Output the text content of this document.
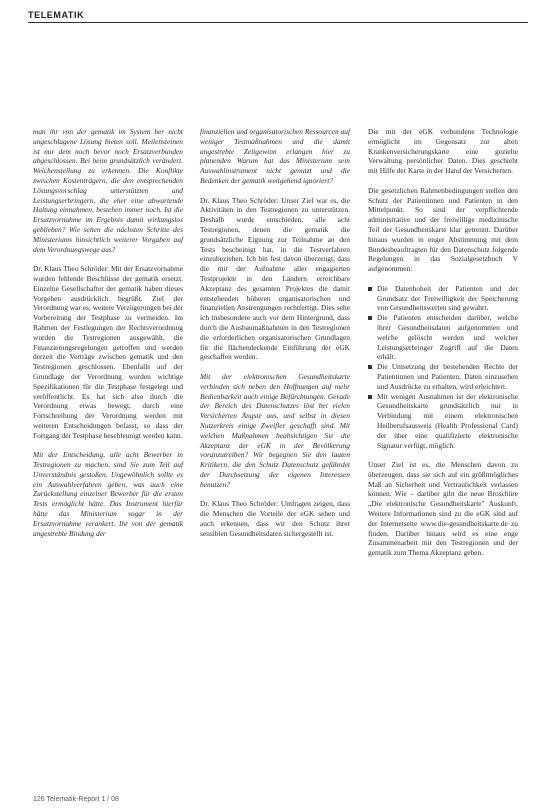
TELEMATIK

man ihr von der gematik im System her nicht ungeschlagene Lösung bieten soll. Meilensteinen ist nur dem noch bevor noch Ersatzverbunden abgeschlossen. Bei beim grundsätzlich verändert. Weichenstellung zu erkennen. Die Konflikte zwischen Kostenträgern, die den entsprechenden Lösungsvorschlag unterstützten und Leistungserbringern, die eher eine abwartende Haltung einnahmen, bestehen immer noch. Ist die Ersatzvornahme im Ergebnis damit wirkungslos geblieben? Wie sehen die nächsten Schritte des Ministeriums hinsichtlich weiterer Vorgaben auf dem Verordnungswege aus?

Dr. Klaus Theo Schröder: Mit der Ersatzvornahme wurden fehlende Beschlüsse der gematik ersetzt. Einzelne Gesellschafter der gematik haben dieses Vorgehen ausdrücklich begrüßt. Ziel der Verordnung war es, weitere Verzögerungen bei der Vorbereitung der Testphase zu vermeiden. Im Rahmen der Festlegungen der Rechtsverordnung wurden die Testregionen ausgewählt, die Finanzierungsregelungen getroffen und werden derzeit die Verträge zwischen gematik und den Testregionen geschlossen. Ebenfalls auf der Grundlage der Verordnung wurden wichtige Spezifikationen für die Testphase festgelegt und veröffentlicht. Es hat sich also durch die Verordnung etwas bewegt, durch eine Fortschreibung der Verordnung werden mit weiteren Entscheidungen befasst, so dass der Fortgang der Testphase beschleunigt werden kann.

Mit der Entscheidung, alle acht Bewerber in Testregionen zu machen, sind Sie zum Teil auf Unverständnis gestoßen. Ungewöhnlich sollte es ein Auswahlverfahren geben, was auch eine Zurückstellung einzelner Bewerber für die ersten Tests ermöglicht hätte. Das Instrument hierfür hätte das Ministerium sogar in der Ersatzvornahme verankert. Ihr von der gematik angestrebte Bindung der

finanziellen und organisatorischen Ressourcen auf weniger Testmaßnahmen und die damit angestrebte Zeitgewinn erlangen hier zu planenden Warum hat das Ministerium sein Auswahlinstrument nicht genutzt und die Bedenken der gematik weitgehend ignoriert?

Dr. Klaus Theo Schröder: Unser Ziel war es, die Aktivitäten in den Testregionen zu unterstützen. Deshalb wurde entschieden, alle acht Testregionen, denen die gematik die grundsätzliche Eignung zur Teilnahme an den Tests bescheinigt hat, in die Testverfahren einzubeziehen. Ich bin fest davon überzeugt, dass die mit der Aufnahme aller engagierten Testprojekte in den Ländern erreichbare Akzeptanz des gesamten Projektes die damit entstehenden höheren organisatorischen und finanziellen Anstrengungen rechtfertigt. Dies sehe ich insbesondere auch vor dem Hintergrund, dass durch die Ausbaumaßnahmen in den Testregionen die erforderlichen organisatorischen Grundlagen für die flächendeckende Einführung der eGK geschaffen werden.

Mit der elektronischen Gesundheitskarte verbinden sich neben den Hoffnungen auf mehr Bedienbarkeit auch einige Befürchtungen. Gerade der Bereich des Datenschutzes löst bei vielen Versicherten Ängste aus, und selbst in diesen Nutzerkreis einige Zweifler geschafft sind. Mit welchen Maßnahmen beabsichtigen Sie die Akzeptanz der eGK in der Bevölkerung voranzutreiben? Wir begegnen Sie den lauten Kritikern, die den Schutz Datenschutz gefährdet der Durchsetzung der eigenen Interessen benutzen?

Dr. Klaus Theo Schröder: Umfragen zeigen, dass die Menschen die Vorteile der eGK sehen und auch erkennen, dass wir den Schutz ihrer sensiblen Gesundheitsdaten sichergestellt ist.

Die mit der eGK verbundene Technologie ermöglicht im Gegensatz zur alten Krankenversicherungskarte eine gezielte Verwaltung persönlicher Daten. Dies geschieht mit Hilfe der Karte in der Hand der Versicherten.

Die gesetzlichen Rahmenbedingungen stellen den Schutz der Patientinnen und Patienten in den Mittelpunkt. So sind der verpflichtende administrative und der freiwillige medizinische Teil der Gesundheitskarte klar getrennt. Darüber hinaus wurden in enger Abstimmung mit dem Bundesbeauftragten für den Datenschutz folgende Regelungen in das Sozialgesetzbuch V aufgenommen:

Die Datenhoheit der Patienten und der Grundsatz der Freiwilligkeit der Speicherung von Gesundheitswerten sind gewahrt.
Die Patienten entscheiden darüber, welche ihrer Gesundheitsdaten aufgenommen und welche gelöscht werden und welcher Leistungserbringer Zugriff auf die Daten erhält.
Die Umsetzung der bestehenden Rechte der Patientinnen und Patienten, Daten einzusehen und Ausdrücke zu erhalten, wird erleichtert.
Mit wenigen Ausnahmen ist der elektronische Gesundheitskarte grundsätzlich nur in Verbindung mit einem elektronischen Heilberufsausweis (Health Professional Card) der über eine qualifizierte elektronische Signatur verfügt, möglich.

Unser Ziel ist es, die Menschen davon zu überzeugen, dass sie sich auf ein größtmögliches Maß an Sicherheit und Vertraulichkeit verlassen können. Wie – darüber gibt die neue Broschüre „Die elektronische Gesundheitskarte" Auskunft. Weitere Informationen sind zu die eGK sind auf der Internetseite www.die-gesundheitskarte.de zu finden. Darüber hinaus wird es eine enge Zusammenarbeit mit den Testregionen und der gematik zum Thema Akzeptanz geben.

126 Telematik-Report 1 / 08
